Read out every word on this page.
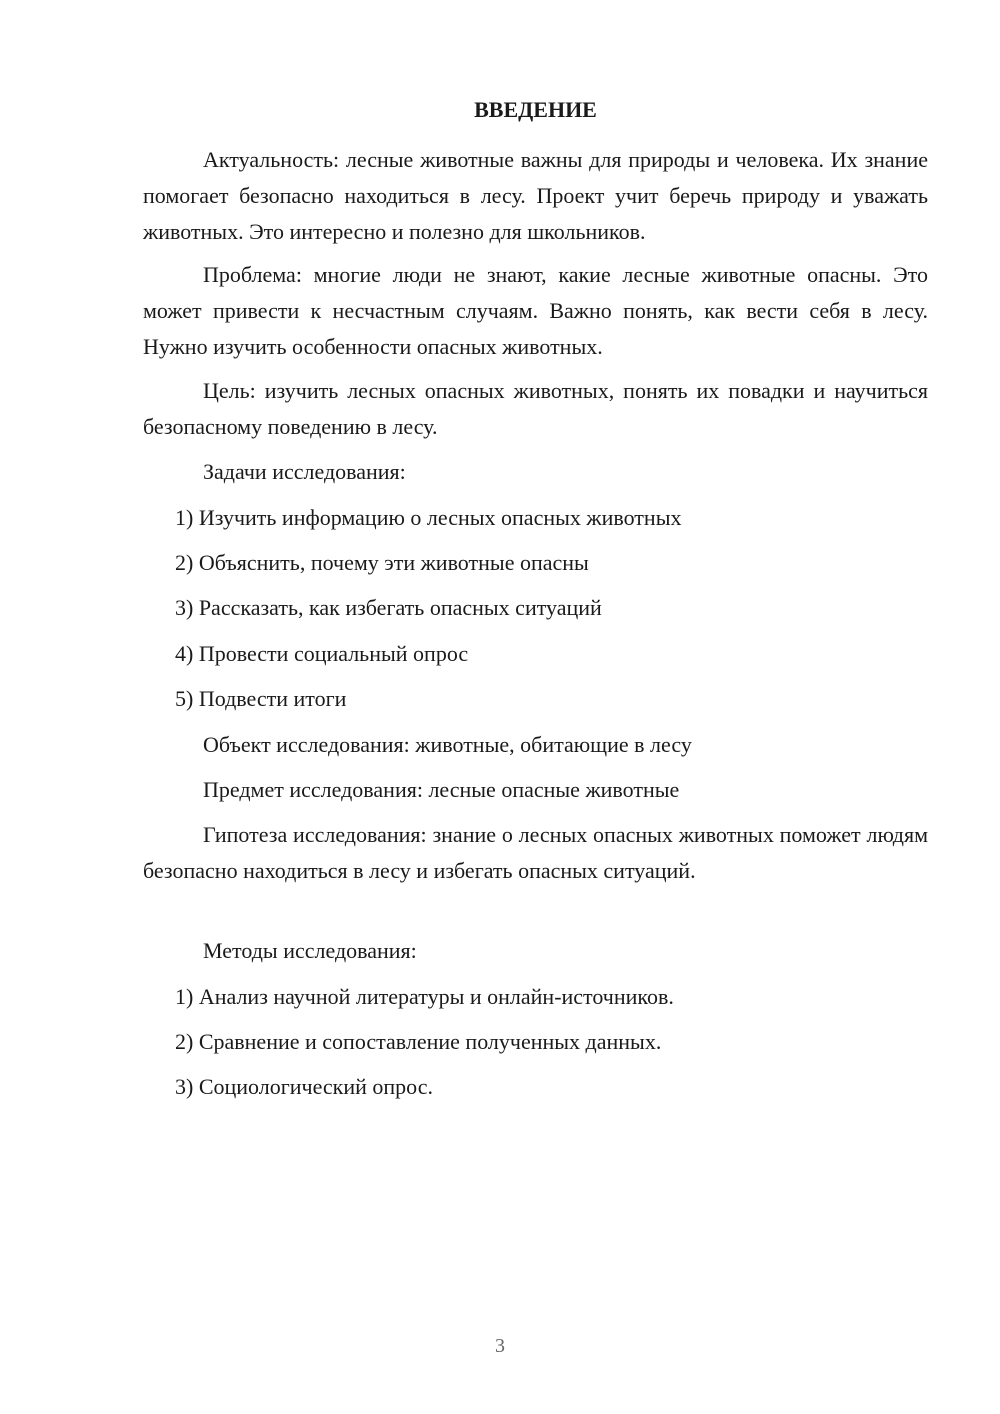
ВВЕДЕНИЕ
Актуальность: лесные животные важны для природы и человека. Их знание помогает безопасно находиться в лесу. Проект учит беречь природу и уважать животных. Это интересно и полезно для школьников.
Проблема: многие люди не знают, какие лесные животные опасны. Это может привести к несчастным случаям. Важно понять, как вести себя в лесу. Нужно изучить особенности опасных животных.
Цель: изучить лесных опасных животных, понять их повадки и научиться безопасному поведению в лесу.
Задачи исследования:
1) Изучить информацию о лесных опасных животных
2) Объяснить, почему эти животные опасны
3) Рассказать, как избегать опасных ситуаций
4) Провести социальный опрос
5) Подвести итоги
Объект исследования: животные, обитающие в лесу
Предмет исследования: лесные опасные животные
Гипотеза исследования: знание о лесных опасных животных поможет людям безопасно находиться в лесу и избегать опасных ситуаций.
Методы исследования:
1) Анализ научной литературы и онлайн-источников.
2) Сравнение и сопоставление полученных данных.
3) Социологический опрос.
3
